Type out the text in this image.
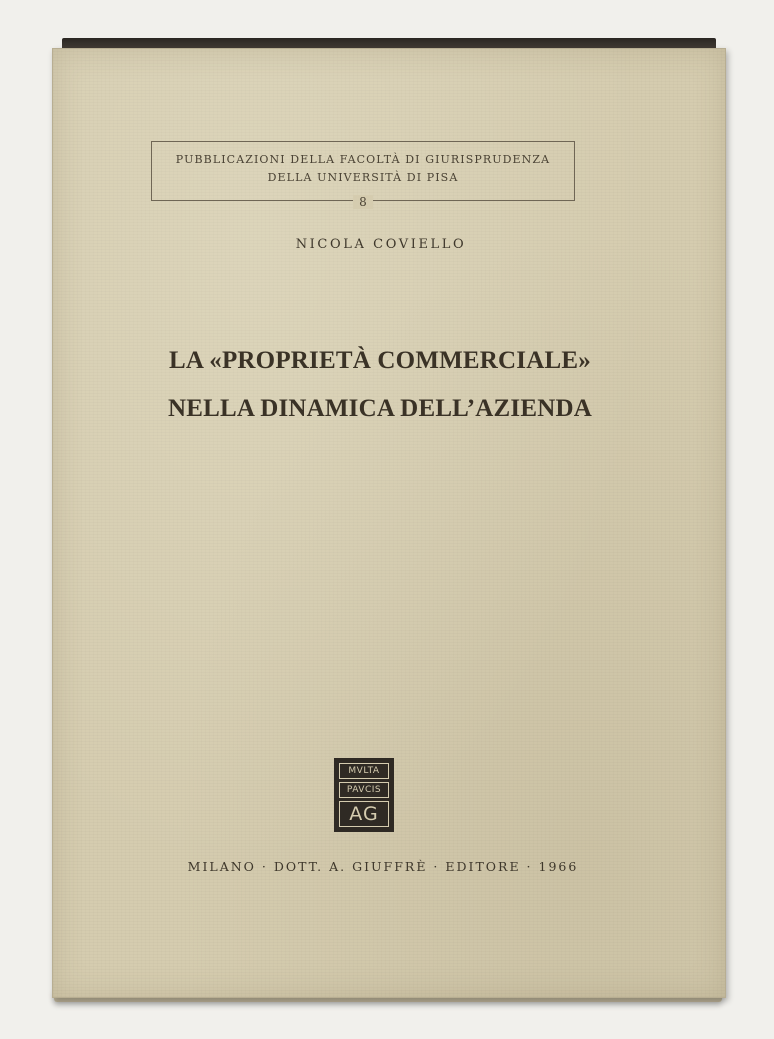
PUBBLICAZIONI DELLA FACOLTÀ DI GIURISPRUDENZA
DELLA UNIVERSITÀ DI PISA
8
NICOLA COVIELLO
LA «PROPRIETÀ COMMERCIALE»
NELLA DINAMICA DELL’AZIENDA
MVLTA
PAVCIS
AG
MILANO · DOTT. A. GIUFFRÈ · EDITORE · 1966
